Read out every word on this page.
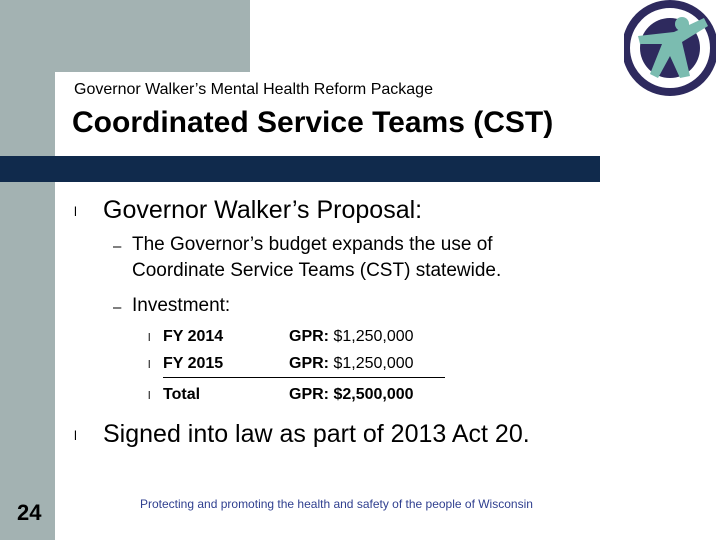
Governor Walker’s Mental Health Reform Package
Coordinated Service Teams (CST)
l Governor Walker’s Proposal:
– The Governor’s budget expands the use of
Coordinate Service Teams (CST) statewide.
– Investment:
l FY 2014	GPR: $1,250,000
l FY 2015	GPR: $1,250,000
l Total	GPR: $2,500,000
l Signed into law as part of 2013 Act 20.
24	Protecting and promoting the health and safety of the people of Wisconsin
